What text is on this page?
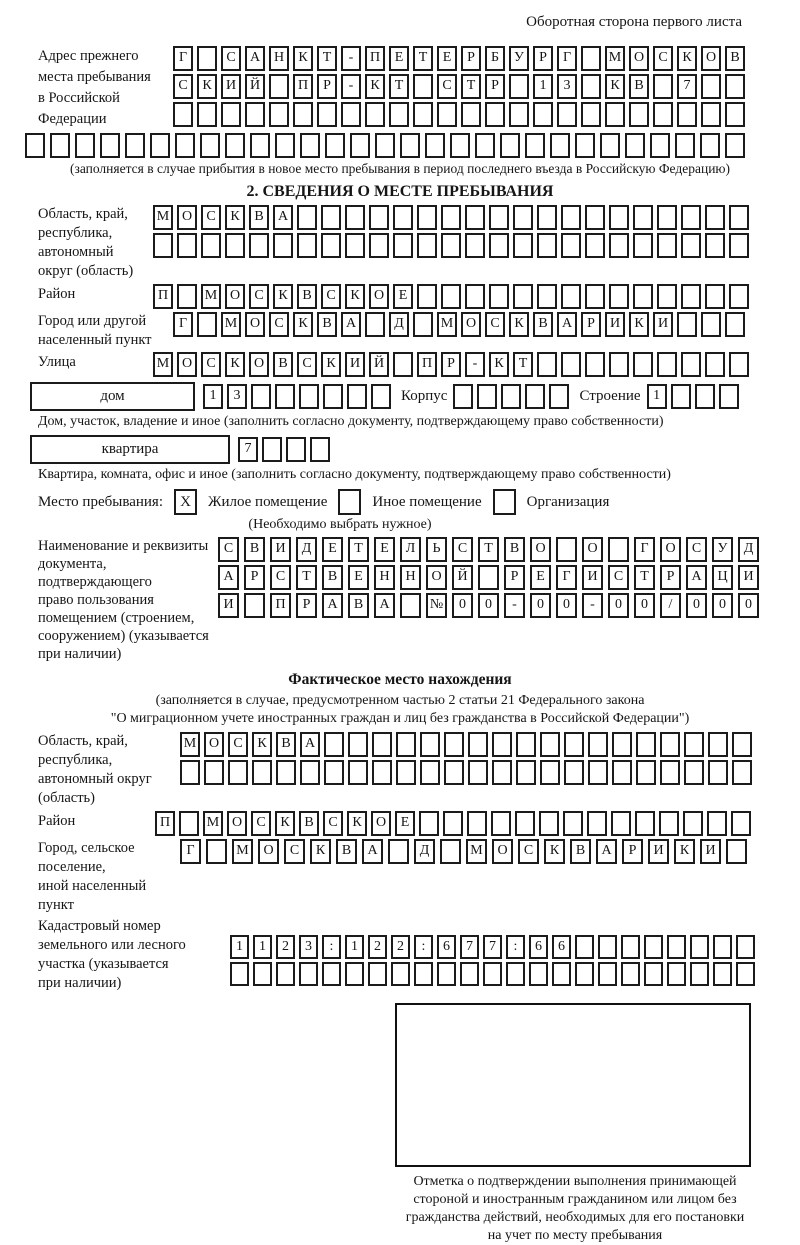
Оборотная сторона первого листа
Адрес прежнего
места пребывания
в Российской
Федерации
Г	С	А Н	К	Т	-	П	Е	Т	Е	Р	Б	У	Р	Г	М О	С	К	О	В
С	К	И Й	П	Р	-	К	Т	С	Т	Р	1	3	К	В	7
(заполняется в случае прибытия в новое место пребывания в период последнего въезда в Российскую Федерацию)
2. СВЕДЕНИЯ О МЕСТЕ ПРЕБЫВАНИЯ
Область, край,
республика,
автономный
округ (область)
М О	С	К	В	А
Район	П	М О	С	К	В	С	К	О	Е
Город или другой
населенный пункт
Г	М О	С	К	В	А	Д	М О	С	К	В	А	Р	И	К	И
Улица	М О	С	К	О	В	С	К	И Й	П	Р	-	К	Т
дом	1	3	Корпус	Строение 1
Дом, участок, владение и иное (заполнить согласно документу, подтверждающему право собственности)
квартира	7
Квартира, комната, офис и иное (заполнить согласно документу, подтверждающему право собственности)
Место пребывания:	X	Жилое помещение	Иное помещение	Организация
(Необходимо выбрать нужное)
Наименование и реквизиты
документа, подтверждающего
право пользования
помещением (строением,
сооружением) (указывается
при наличии)
С	В	И	Д	Е	Т	Е	Л	Ь	С	Т	В	О	О	Г	О	С	У	Д
А	Р	С	Т	В	Е	Н	Н	О	Й	Р	Е	Г	И	С	Т	Р	А	Ц	И
И	П	Р	А	В	А	№	0	0	-	0	0	-	0	0	/	0	0	0
Фактическое место нахождения
(заполняется в случае, предусмотренном частью 2 статьи 21 Федерального закона
"О миграционном учете иностранных граждан и лиц без гражданства в Российской Федерации")
Область, край,
республика,
автономный округ
(область)
М О	С	К	В	А
Район	П	М О	С	К	В	С	К	О	Е
Город, сельское поселение,
иной населенный пункт
Г	М	О	С	К	В	А	Д	М	О	С	К	В	А	Р	И	К	И
Кадастровый номер
земельного или лесного
участка (указывается
при наличии)
1	1	2	3	:	1	2	2	:	6	7	7	:	6	6
Отметка о подтверждении выполнения принимающей
стороной и иностранным гражданином или лицом без
гражданства действий, необходимых для его постановки
на учет по месту пребывания
